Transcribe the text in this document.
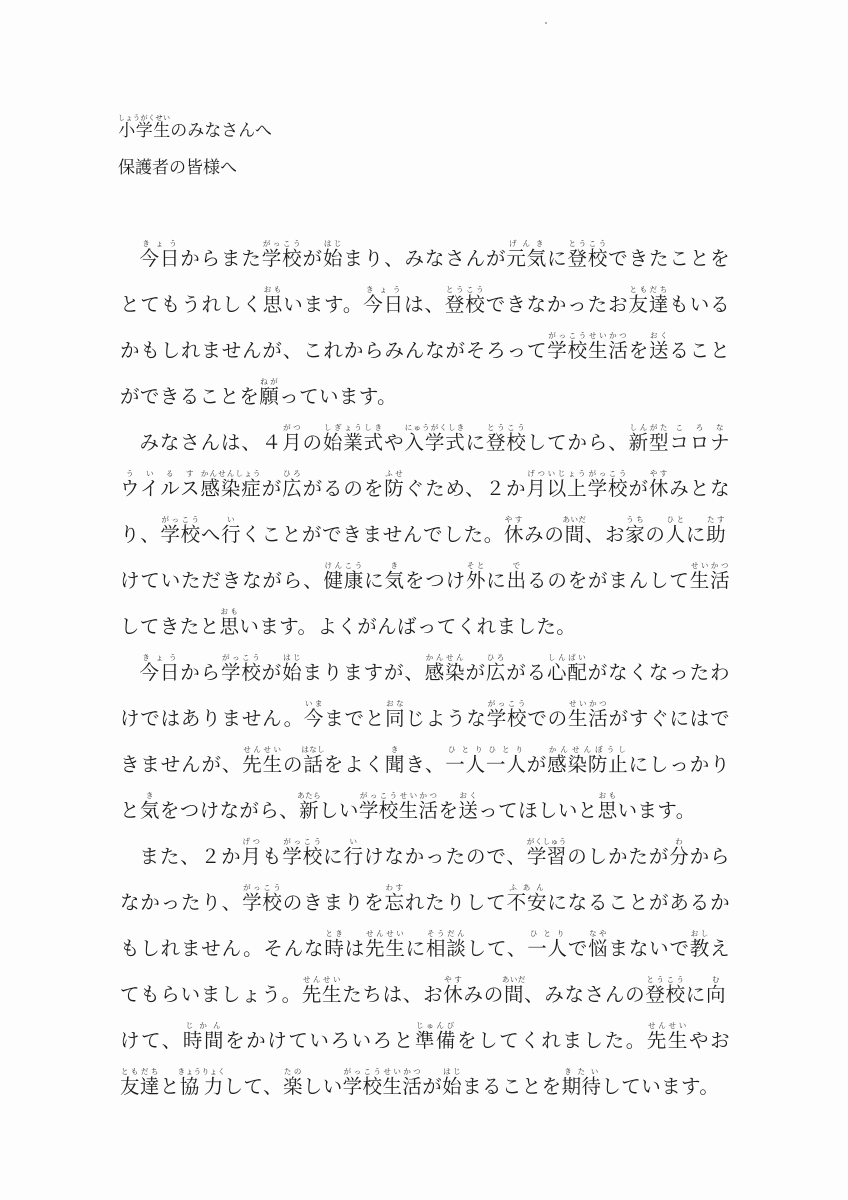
小学生しょうがくせいのみなさんへ
保護者の皆様へ

今日きょうからまた学校がっこうが始はじまり、みなさんが元気げんきに登校とうこうできたことをとてもうれしく思おもいます。今日きょうは、登校とうこうできなかったお友達ともだちもいるかもしれませんが、これからみんながそろって学校生活がっこうせいかつを送おくることができることを願ねがっています。

みなさんは、４月がつの始業式しぎょうしきや入学式にゅうがくしきに登校とうこうしてから、新型しんがたコロナウイルスころなういるす感染症かんせんしょうが広ひろがるのを防ふせぐため、２か月以上げついじょう学校がっこうが休やすみとなり、学校がっこうへ行いくことができませんでした。休やすみの間あいだ、お家うちの人ひとに助たすけていただきながら、健康けんこうに気きをつけ外そとに出でるのをがまんして生活せいかつしてきたと思おもいます。よくがんばってくれました。

今日きょうから学校がっこうが始はじまりますが、感染かんせんが広ひろがる心配しんぱいがなくなったわけではありません。今いままでと同おなじような学校がっこうでの生活せいかつがすぐにはできませんが、先生せんせいの話はなしをよく聞きき、一人一人ひとりひとりが感染防止かんせんぼうしにしっかりと気きをつけながら、新あたらしい学校生活がっこうせいかつを送おくってほしいと思おもいます。

また、２か月げつも学校がっこうに行いけなかったので、学習がくしゅうのしかたが分わからなかったり、学校がっこうのきまりを忘わすれたりして不安ふあんになることがあるかもしれません。そんな時ときは先生せんせいに相談そうだんして、一人ひとりで悩なやまないで教おしえてもらいましょう。先生せんせいたちは、お休やすみの間あいだ、みなさんの登校とうこうに向むけて、時間じかんをかけていろいろと準備じゅんびをしてくれました。先生せんせいやお友達ともだちと協力きょうりょくして、楽たのしい学校生活がっこうせいかつが始はじまることを期待きたいしています。
